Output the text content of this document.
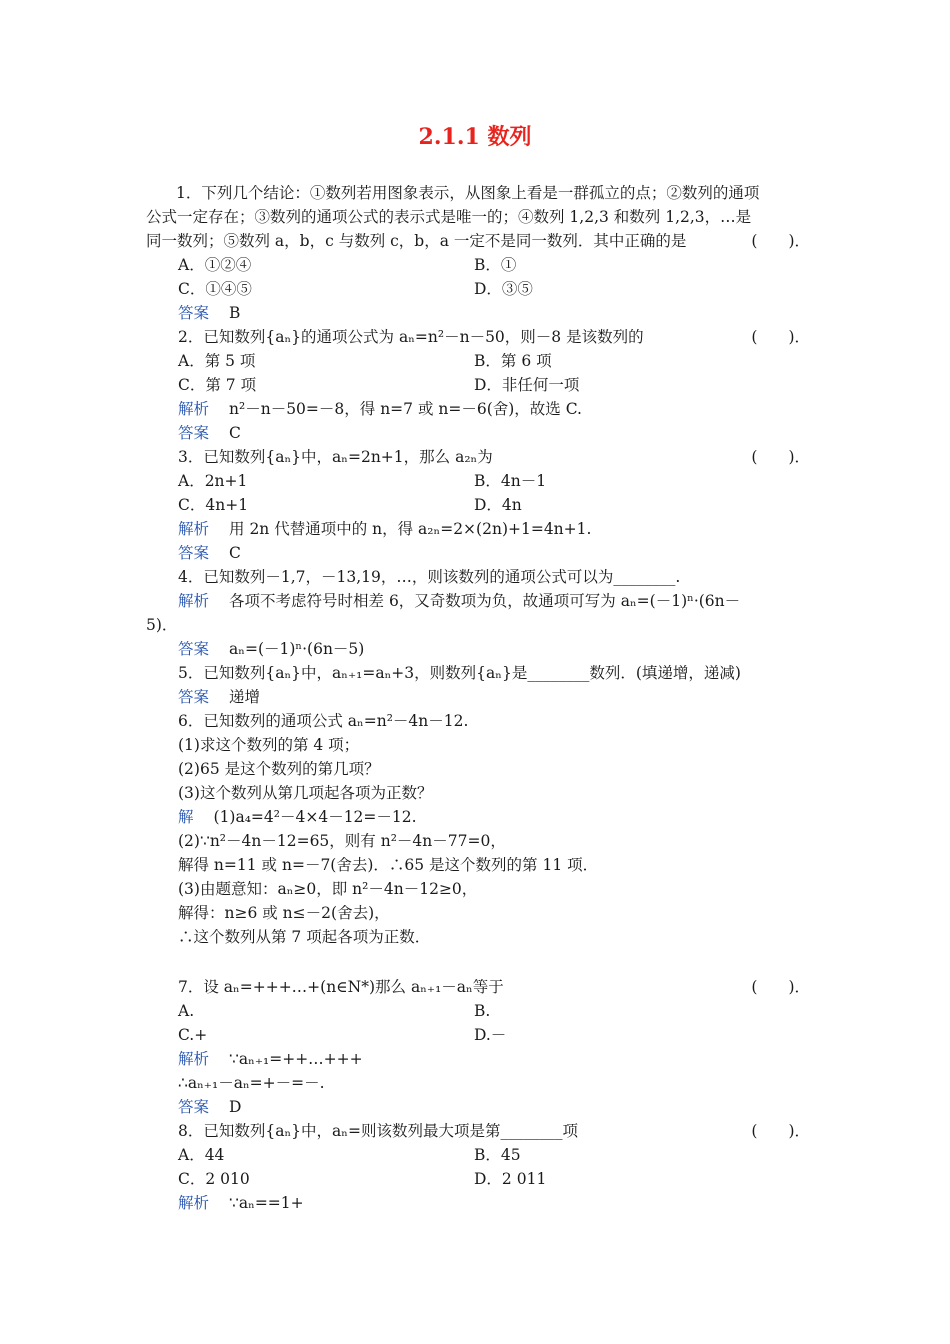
2.1.1 数列
1．下列几个结论：①数列若用图象表示，从图象上看是一群孤立的点；②数列的通项
公式一定存在；③数列的通项公式的表示式是唯一的；④数列 1,2,3 和数列 1,2,3，…是
同一数列；⑤数列 a，b，c 与数列 c，b，a 一定不是同一数列．其中正确的是	(　　)．
A．①②④	B．①
C．①④⑤	D．③⑤
答案 B
2．已知数列{aₙ}的通项公式为 aₙ=n²－n－50，则－8 是该数列的	(　　)．
A．第 5 项	B．第 6 项
C．第 7 项	D．非任何一项
解析 n²－n－50=－8，得 n=7 或 n=－6(舍)，故选 C.
答案 C
3．已知数列{aₙ}中，aₙ=2n+1，那么 a₂ₙ为	(　　)．
A．2n+1	B．4n－1
C．4n+1	D．4n
解析 用 2n 代替通项中的 n，得 a₂ₙ=2×(2n)+1=4n+1.
答案 C
4．已知数列－1,7，－13,19，…，则该数列的通项公式可以为________.
解析 各项不考虑符号时相差 6，又奇数项为负，故通项可写为 aₙ=(－1)ⁿ·(6n－
5)．
答案 aₙ=(－1)ⁿ·(6n－5)
5．已知数列{aₙ}中，aₙ₊₁=aₙ+3，则数列{aₙ}是________数列．(填递增，递减)
答案 递增
6．已知数列的通项公式 aₙ=n²－4n－12.
(1)求这个数列的第 4 项；
(2)65 是这个数列的第几项？
(3)这个数列从第几项起各项为正数？
解 (1)a₄=4²－4×4－12=－12.
(2)∵n²－4n－12=65，则有 n²－4n－77=0，
解得 n=11 或 n=－7(舍去)．∴65 是这个数列的第 11 项．
(3)由题意知：aₙ≥0，即 n²－4n－12≥0，
解得：n≥6 或 n≤－2(舍去)，
∴这个数列从第 7 项起各项为正数．
7．设 aₙ=+++…+(n∈N*)那么 aₙ₊₁－aₙ等于	(　　)．
A.	B.
C.+	D.－
解析 ∵aₙ₊₁=++…+++
∴aₙ₊₁－aₙ=+－=－.
答案 D
8．已知数列{aₙ}中，aₙ=则该数列最大项是第________项	(　　)．
A．44	B．45
C．2 010	D．2 011
解析 ∵aₙ==1+
